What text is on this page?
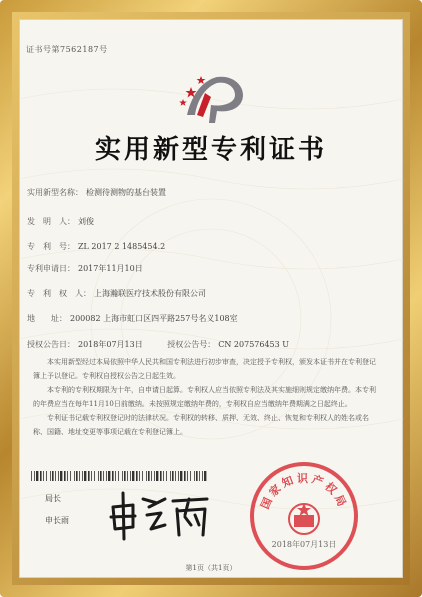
证书号第7562187号
实用新型专利证书
实用新型名称： 检测待测物的基台装置
发　明　人： 刘俊
专　利　号： ZL 2017 2 1485454.2
专利申请日： 2017年11月10日
专　利　权　人： 上海瀚联医疗技术股份有限公司
地　　址： 200082 上海市虹口区四平路257号名义108室
授权公告日： 2018年07月13日	授权公告号： CN 207576453 U

本实用新型经过本局依照中华人民共和国专利法进行初步审查，决定授予专利权，颁发本证书并在专利登记簿上予以登记。专利权自授权公告之日起生效。

本专利的专利权期限为十年，自申请日起算。专利权人应当依照专利法及其实施细则规定缴纳年费。本专利的年费应当在每年11月10日前缴纳。未按照规定缴纳年费的，专利权自应当缴纳年费期满之日起终止。

专利证书记载专利权登记时的法律状况。专利权的转移、质押、无效、终止、恢复和专利权人的姓名或名称、国籍、地址变更等事项记载在专利登记簿上。

局长
申长雨
国家知识产权局
2018年07月13日
第1页（共1页）
